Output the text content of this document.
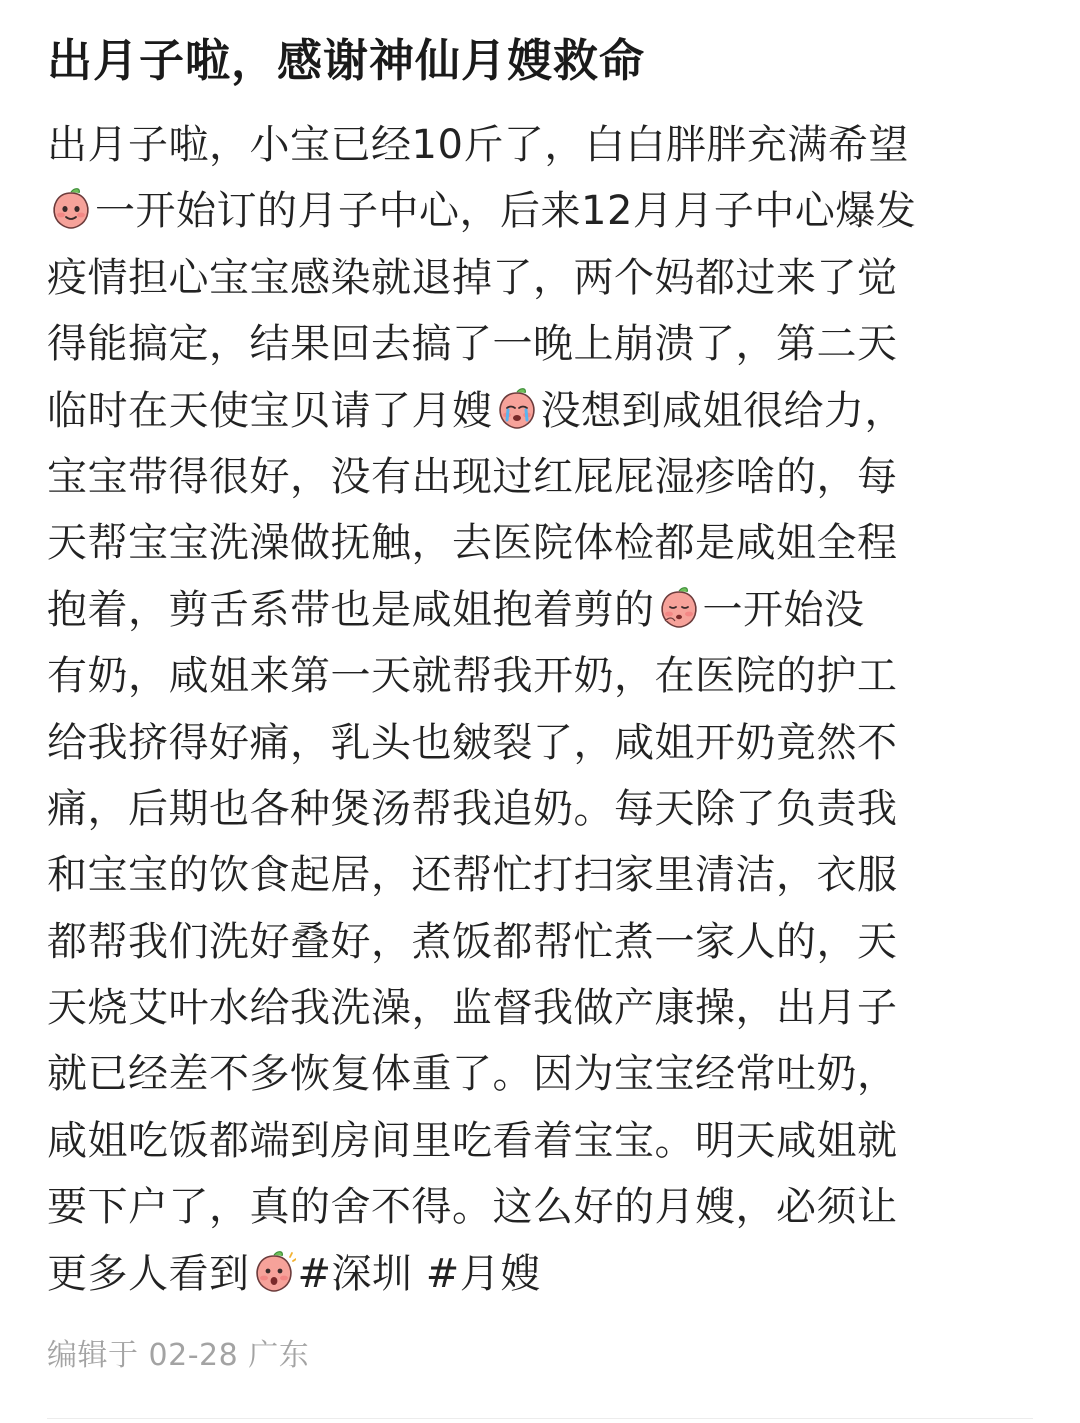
出月子啦，感谢神仙月嫂救命
出月子啦，小宝已经10斤了，白白胖胖充满希望
一开始订的月子中心，后来12月月子中心爆发
疫情担心宝宝感染就退掉了，两个妈都过来了觉
得能搞定，结果回去搞了一晚上崩溃了，第二天
临时在天使宝贝请了月嫂 没想到咸姐很给力，
宝宝带得很好，没有出现过红屁屁湿疹啥的，每
天帮宝宝洗澡做抚触，去医院体检都是咸姐全程
抱着，剪舌系带也是咸姐抱着剪的 一开始没
有奶，咸姐来第一天就帮我开奶，在医院的护工
给我挤得好痛，乳头也皴裂了，咸姐开奶竟然不
痛，后期也各种煲汤帮我追奶。每天除了负责我
和宝宝的饮食起居，还帮忙打扫家里清洁，衣服
都帮我们洗好叠好，煮饭都帮忙煮一家人的，天
天烧艾叶水给我洗澡，监督我做产康操，出月子
就已经差不多恢复体重了。因为宝宝经常吐奶，
咸姐吃饭都端到房间里吃看着宝宝。明天咸姐就
要下户了，真的舍不得。这么好的月嫂，必须让
更多人看到 #深圳 #月嫂
编辑于 02-28 广东
